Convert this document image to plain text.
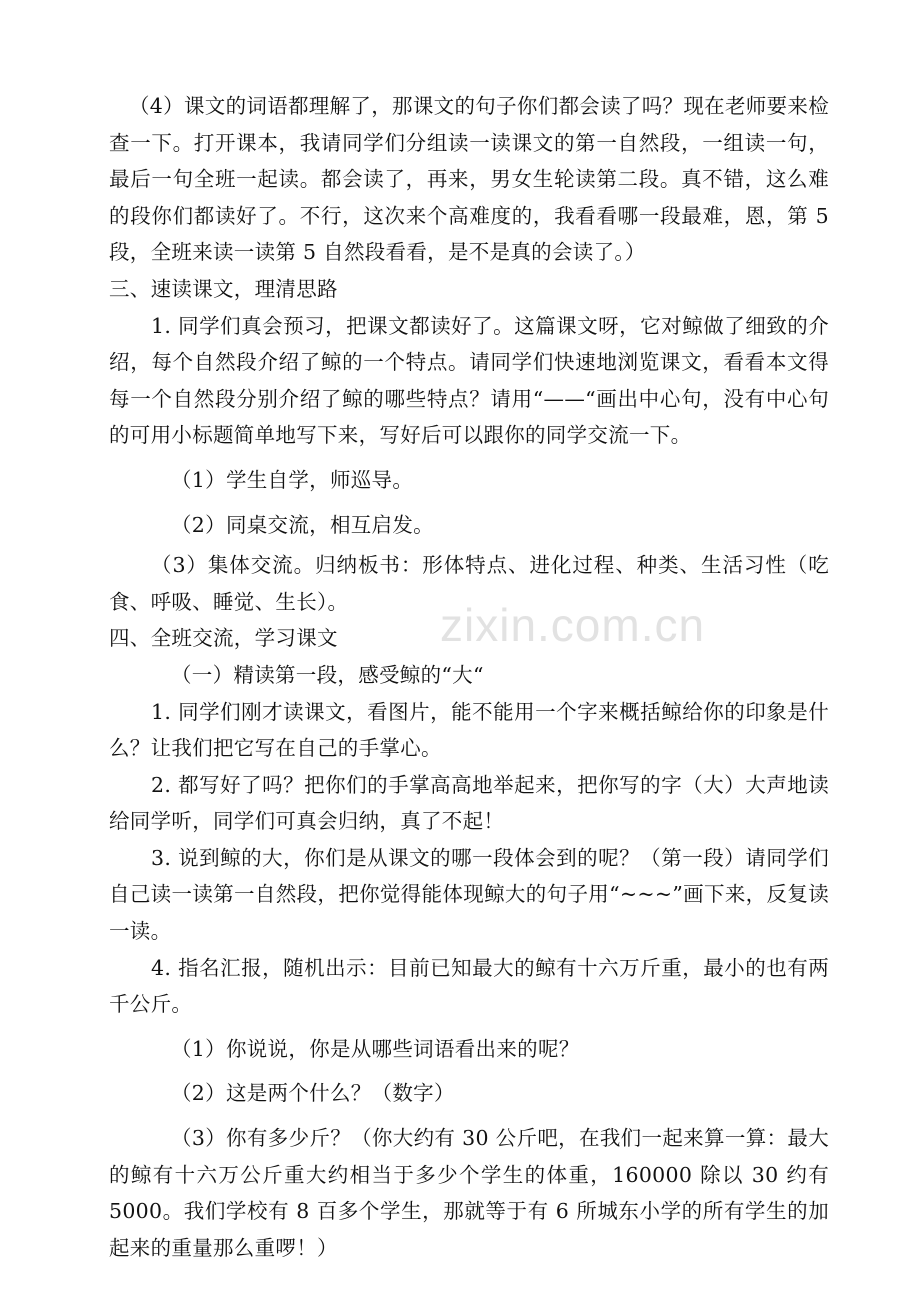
zixin.com.cn

（4）课文的词语都理解了，那课文的句子你们都会读了吗？现在老师要来检查一下。打开课本，我请同学们分组读一读课文的第一自然段，一组读一句，最后一句全班一起读。都会读了，再来，男女生轮读第二段。真不错，这么难的段你们都读好了。不行，这次来个高难度的，我看看哪一段最难，恩，第 5 段，全班来读一读第 5 自然段看看，是不是真的会读了。）

三、速读课文，理清思路

1. 同学们真会预习，把课文都读好了。这篇课文呀，它对鲸做了细致的介绍，每个自然段介绍了鲸的一个特点。请同学们快速地浏览课文，看看本文得每一个自然段分别介绍了鲸的哪些特点？请用“——“画出中心句，没有中心句的可用小标题简单地写下来，写好后可以跟你的同学交流一下。

（1）学生自学，师巡导。

（2）同桌交流，相互启发。

（3）集体交流。归纳板书：形体特点、进化过程、种类、生活习性（吃食、呼吸、睡觉、生长）。

四、全班交流，学习课文

（一）精读第一段，感受鲸的“大“

1. 同学们刚才读课文，看图片，能不能用一个字来概括鲸给你的印象是什么？让我们把它写在自己的手掌心。

2. 都写好了吗？把你们的手掌高高地举起来，把你写的字（大）大声地读给同学听，同学们可真会归纳，真了不起！

3. 说到鲸的大，你们是从课文的哪一段体会到的呢？（第一段）请同学们自己读一读第一自然段，把你觉得能体现鲸大的句子用“~~~”画下来，反复读一读。

4. 指名汇报，随机出示：目前已知最大的鲸有十六万斤重，最小的也有两千公斤。

（1）你说说，你是从哪些词语看出来的呢？

（2）这是两个什么？（数字）

（3）你有多少斤？（你大约有 30 公斤吧，在我们一起来算一算：最大的鲸有十六万公斤重大约相当于多少个学生的体重，160000 除以 30 约有 5000。我们学校有 8 百多个学生，那就等于有 6 所城东小学的所有学生的加起来的重量那么重啰！）
